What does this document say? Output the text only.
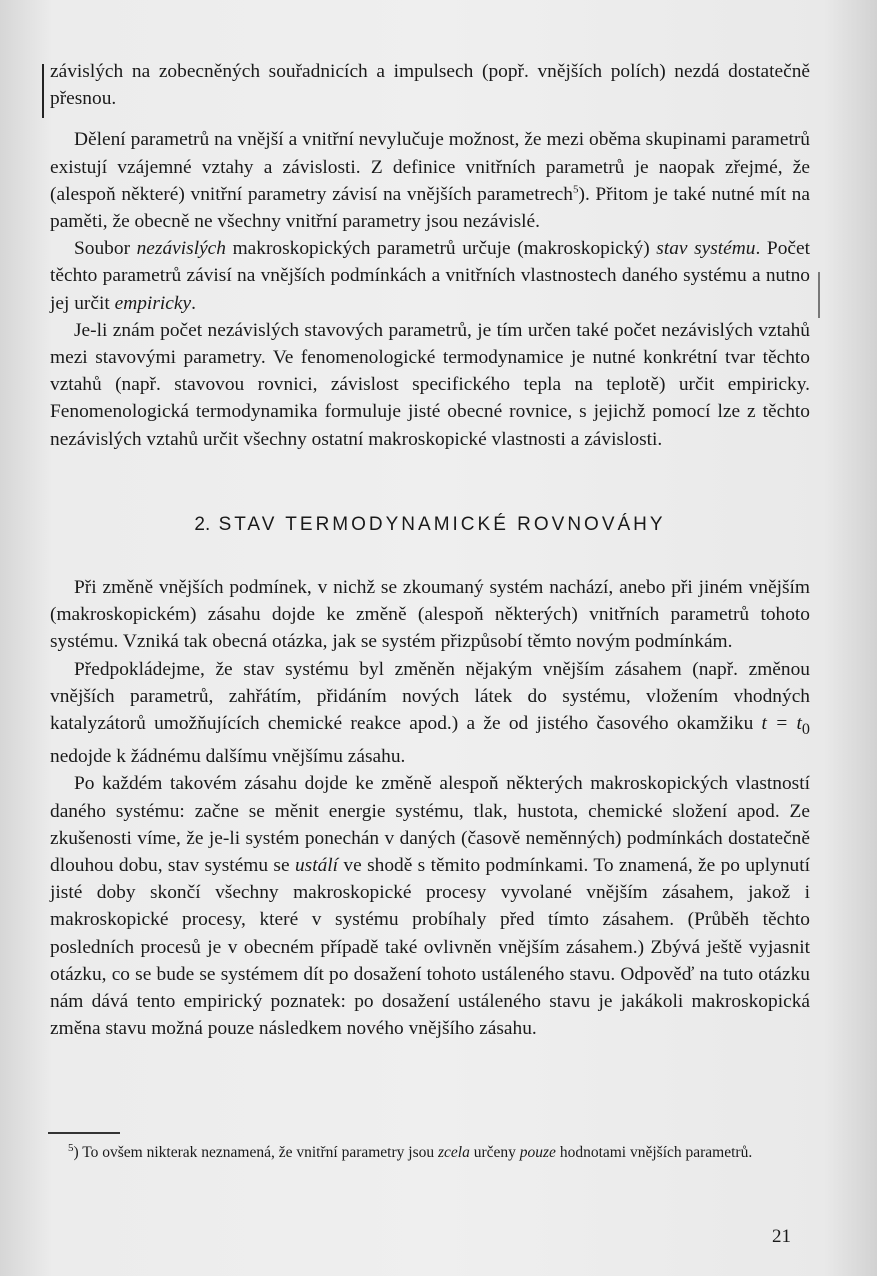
závislých na zobecněných souřadnicích a impulsech (popř. vnějších polích) nezdá dostatečně přesnou.

Dělení parametrů na vnější a vnitřní nevylučuje možnost, že mezi oběma skupinami parametrů existují vzájemné vztahy a závislosti. Z definice vnitřních parametrů je naopak zřejmé, že (alespoň některé) vnitřní parametry závisí na vnějších parametrech$^5$). Přitom je také nutné mít na paměti, že obecně ne všechny vnitřní parametry jsou nezávislé.

Soubor nezávislých makroskopických parametrů určuje (makroskopický) stav systému. Počet těchto parametrů závisí na vnějších podmínkách a vnitřních vlastnostech daného systému a nutno jej určit empiricky.

Je-li znám počet nezávislých stavových parametrů, je tím určen také počet nezávislých vztahů mezi stavovými parametry. Ve fenomenologické termodynamice je nutné konkrétní tvar těchto vztahů (např. stavovou rovnici, závislost specifického tepla na teplotě) určit empiricky. Fenomenologická termodynamika formuluje jisté obecné rovnice, s jejichž pomocí lze z těchto nezávislých vztahů určit všechny ostatní makroskopické vlastnosti a závislosti.

2. STAV TERMODYNAMICKÉ ROVNOVÁHY

Při změně vnějších podmínek, v nichž se zkoumaný systém nachází, anebo při jiném vnějším (makroskopickém) zásahu dojde ke změně (alespoň některých) vnitřních parametrů tohoto systému. Vzniká tak obecná otázka, jak se systém přizpůsobí těmto novým podmínkám.

Předpokládejme, že stav systému byl změněn nějakým vnějším zásahem (např. změnou vnějších parametrů, zahřátím, přidáním nových látek do systému, vložením vhodných katalyzátorů umožňujících chemické reakce apod.) a že od jistého časového okamžiku $t = t_0$ nedojde k žádnému dalšímu vnějšímu zásahu.

Po každém takovém zásahu dojde ke změně alespoň některých makroskopických vlastností daného systému: začne se měnit energie systému, tlak, hustota, chemické složení apod. Ze zkušenosti víme, že je-li systém ponechán v daných (časově neměnných) podmínkách dostatečně dlouhou dobu, stav systému se ustálí ve shodě s těmito podmínkami. To znamená, že po uplynutí jisté doby skončí všechny makroskopické procesy vyvolané vnějším zásahem, jakož i makroskopické procesy, které v systému probíhaly před tímto zásahem. (Průběh těchto posledních procesů je v obecném případě také ovlivněn vnějším zásahem.) Zbývá ještě vyjasnit otázku, co se bude se systémem dít po dosažení tohoto ustáleného stavu. Odpověď na tuto otázku nám dává tento empirický poznatek: po dosažení ustáleného stavu je jakákoli makroskopická změna stavu možná pouze následkem nového vnějšího zásahu.

$^5$) To ovšem nikterak neznamená, že vnitřní parametry jsou zcela určeny pouze hodnotami vnějších parametrů.

21
